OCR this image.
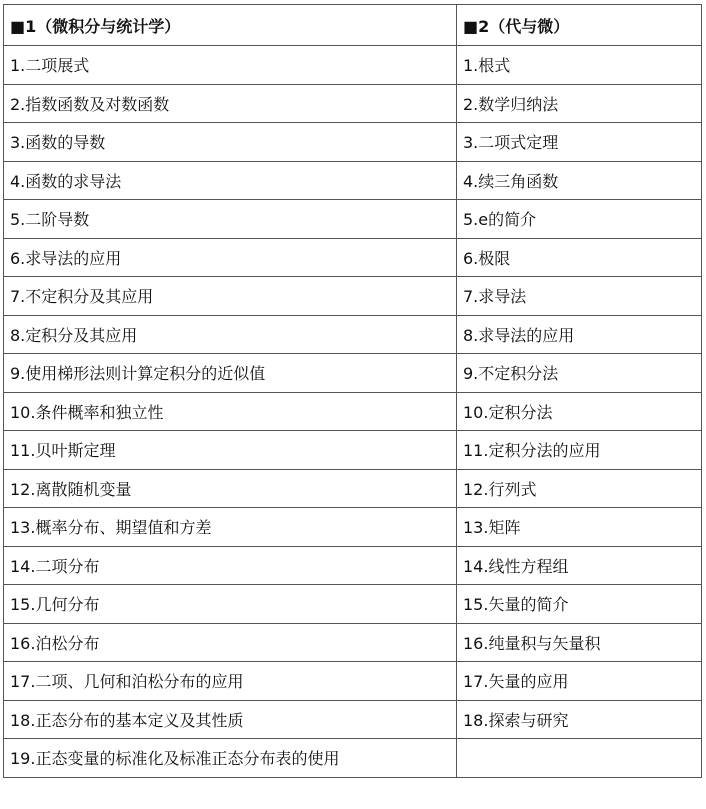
■1（微积分与统计学）	■2（代与微）
1.二项展式	1.根式
2.指数函数及对数函数	2.数学归纳法
3.函数的导数	3.二项式定理
4.函数的求导法	4.续三角函数
5.二阶导数	5.e的简介
6.求导法的应用	6.极限
7.不定积分及其应用	7.求导法
8.定积分及其应用	8.求导法的应用
9.使用梯形法则计算定积分的近似值	9.不定积分法
10.条件概率和独立性	10.定积分法
11.贝叶斯定理	11.定积分法的应用
12.离散随机变量	12.行列式
13.概率分布、期望值和方差	13.矩阵
14.二项分布	14.线性方程组
15.几何分布	15.矢量的简介
16.泊松分布	16.纯量积与矢量积
17.二项、几何和泊松分布的应用	17.矢量的应用
18.正态分布的基本定义及其性质	18.探索与研究
19.正态变量的标准化及标准正态分布表的使用	
